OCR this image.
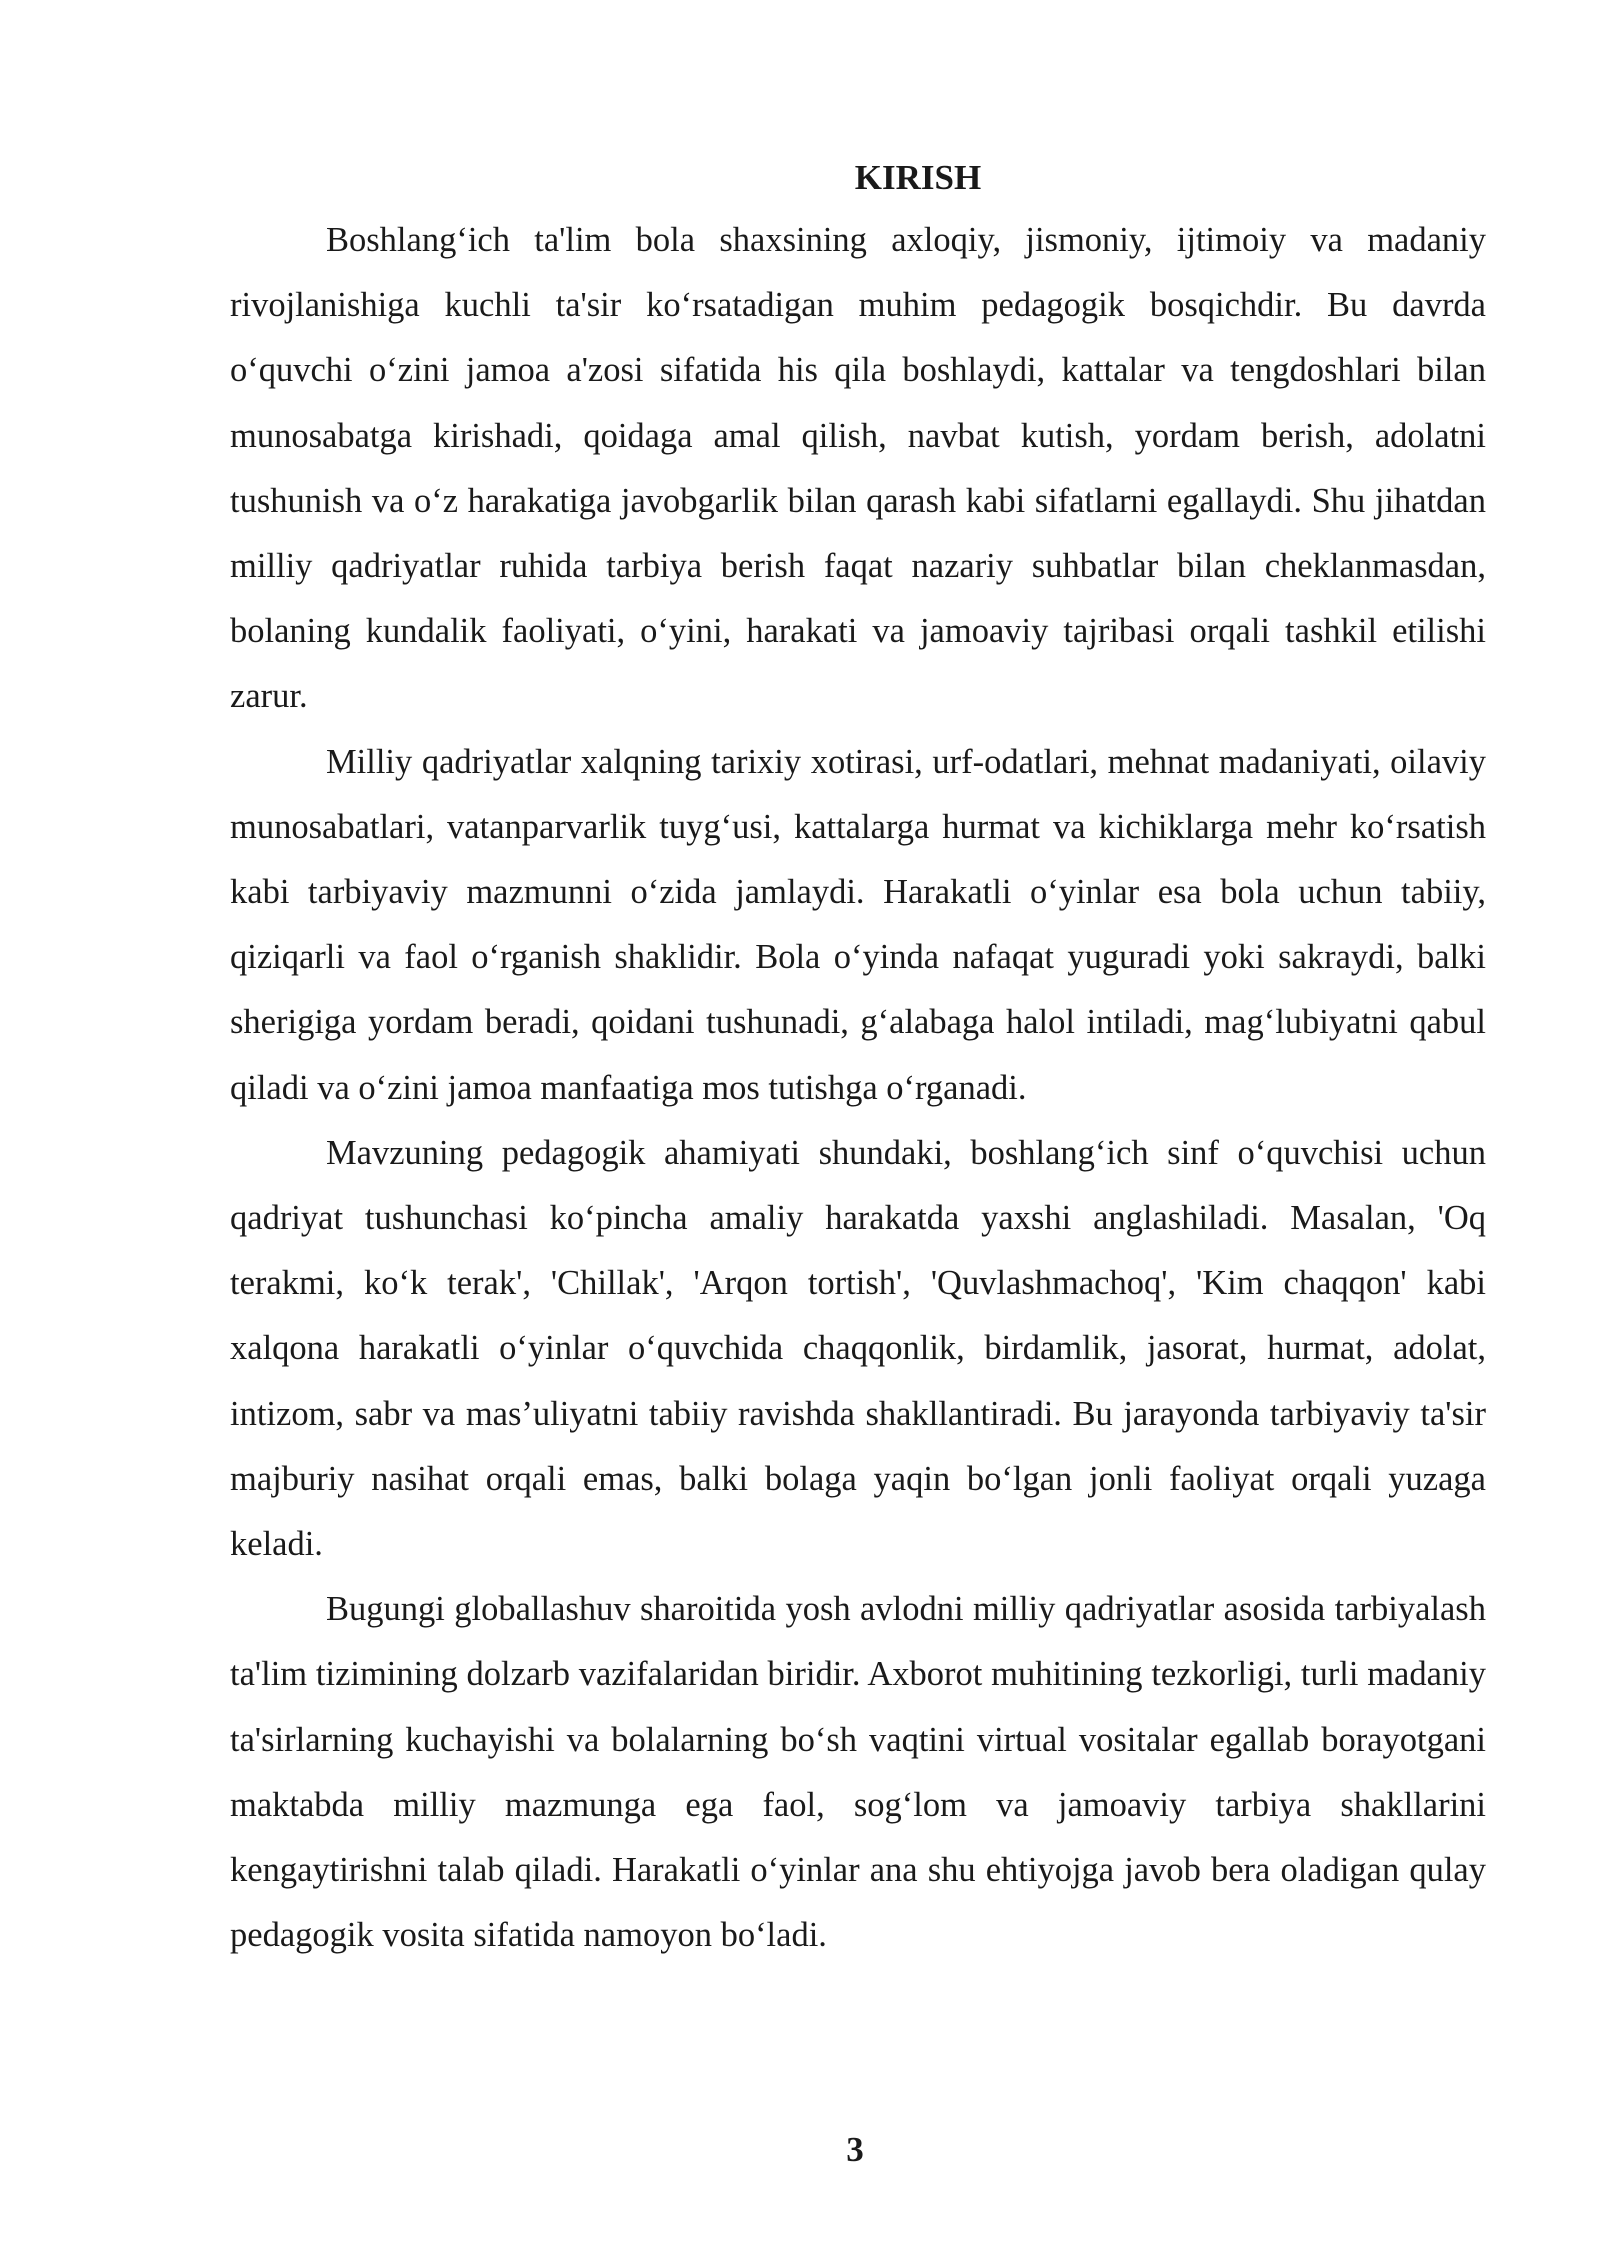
KIRISH

Boshlang‘ich ta'lim bola shaxsining axloqiy, jismoniy, ijtimoiy va madaniy rivojlanishiga kuchli ta'sir ko‘rsatadigan muhim pedagogik bosqichdir. Bu davrda o‘quvchi o‘zini jamoa a'zosi sifatida his qila boshlaydi, kattalar va tengdoshlari bilan munosabatga kirishadi, qoidaga amal qilish, navbat kutish, yordam berish, adolatni tushunish va o‘z harakatiga javobgarlik bilan qarash kabi sifatlarni egallaydi. Shu jihatdan milliy qadriyatlar ruhida tarbiya berish faqat nazariy suhbatlar bilan cheklanmasdan, bolaning kundalik faoliyati, o‘yini, harakati va jamoaviy tajribasi orqali tashkil etilishi zarur.

Milliy qadriyatlar xalqning tarixiy xotirasi, urf-odatlari, mehnat madaniyati, oilaviy munosabatlari, vatanparvarlik tuyg‘usi, kattalarga hurmat va kichiklarga mehr ko‘rsatish kabi tarbiyaviy mazmunni o‘zida jamlaydi. Harakatli o‘yinlar esa bola uchun tabiiy, qiziqarli va faol o‘rganish shaklidir. Bola o‘yinda nafaqat yuguradi yoki sakraydi, balki sherigiga yordam beradi, qoidani tushunadi, g‘alabaga halol intiladi, mag‘lubiyatni qabul qiladi va o‘zini jamoa manfaatiga mos tutishga o‘rganadi.

Mavzuning pedagogik ahamiyati shundaki, boshlang‘ich sinf o‘quvchisi uchun qadriyat tushunchasi ko‘pincha amaliy harakatda yaxshi anglashiladi. Masalan, 'Oq terakmi, ko‘k terak', 'Chillak', 'Arqon tortish', 'Quvlashmachoq', 'Kim chaqqon' kabi xalqona harakatli o‘yinlar o‘quvchida chaqqonlik, birdamlik, jasorat, hurmat, adolat, intizom, sabr va mas’uliyatni tabiiy ravishda shakllantiradi. Bu jarayonda tarbiyaviy ta'sir majburiy nasihat orqali emas, balki bolaga yaqin bo‘lgan jonli faoliyat orqali yuzaga keladi.

Bugungi globallashuv sharoitida yosh avlodni milliy qadriyatlar asosida tarbiyalash ta'lim tizimining dolzarb vazifalaridan biridir. Axborot muhitining tezkorligi, turli madaniy ta'sirlarning kuchayishi va bolalarning bo‘sh vaqtini virtual vositalar egallab borayotgani maktabda milliy mazmunga ega faol, sog‘lom va jamoaviy tarbiya shakllarini kengaytirishni talab qiladi. Harakatli o‘yinlar ana shu ehtiyojga javob bera oladigan qulay pedagogik vosita sifatida namoyon bo‘ladi.

3
